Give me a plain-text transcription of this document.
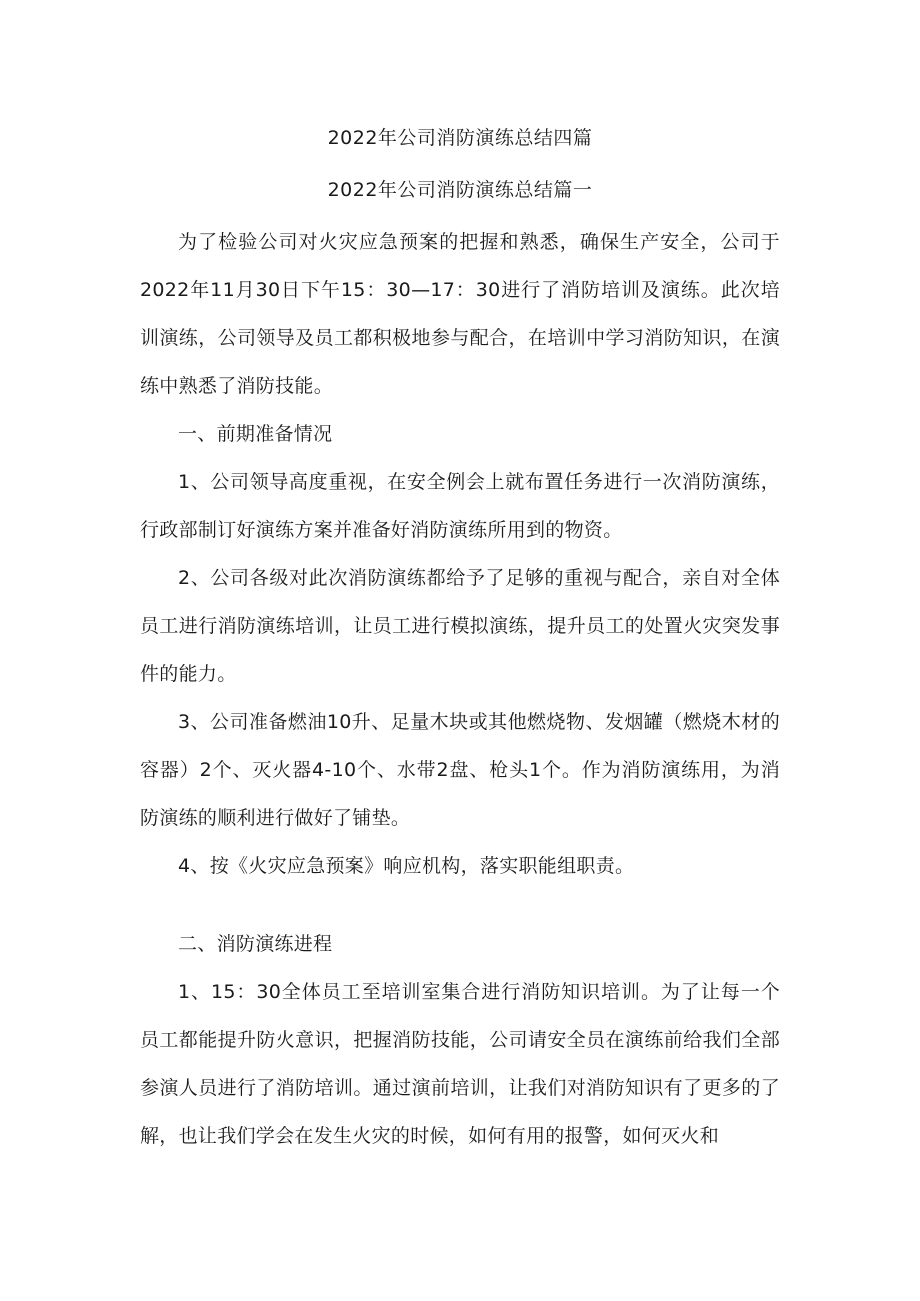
2022年公司消防演练总结四篇
2022年公司消防演练总结篇一

为了检验公司对火灾应急预案的把握和熟悉，确保生产安全，公司于2022年11月30日下午15：30—17：30进行了消防培训及演练。此次培训演练，公司领导及员工都积极地参与配合，在培训中学习消防知识，在演练中熟悉了消防技能。

一、前期准备情况

1、公司领导高度重视，在安全例会上就布置任务进行一次消防演练，行政部制订好演练方案并准备好消防演练所用到的物资。

2、公司各级对此次消防演练都给予了足够的重视与配合，亲自对全体员工进行消防演练培训，让员工进行模拟演练，提升员工的处置火灾突发事件的能力。

3、公司准备燃油10升、足量木块或其他燃烧物、发烟罐（燃烧木材的容器）2个、灭火器4-10个、水带2盘、枪头1个。作为消防演练用，为消防演练的顺利进行做好了铺垫。

4、按《火灾应急预案》响应机构，落实职能组职责。

二、消防演练进程

1、15：30全体员工至培训室集合进行消防知识培训。为了让每一个员工都能提升防火意识，把握消防技能，公司请安全员在演练前给我们全部参演人员进行了消防培训。通过演前培训，让我们对消防知识有了更多的了解，也让我们学会在发生火灾的时候，如何有用的报警，如何灭火和
